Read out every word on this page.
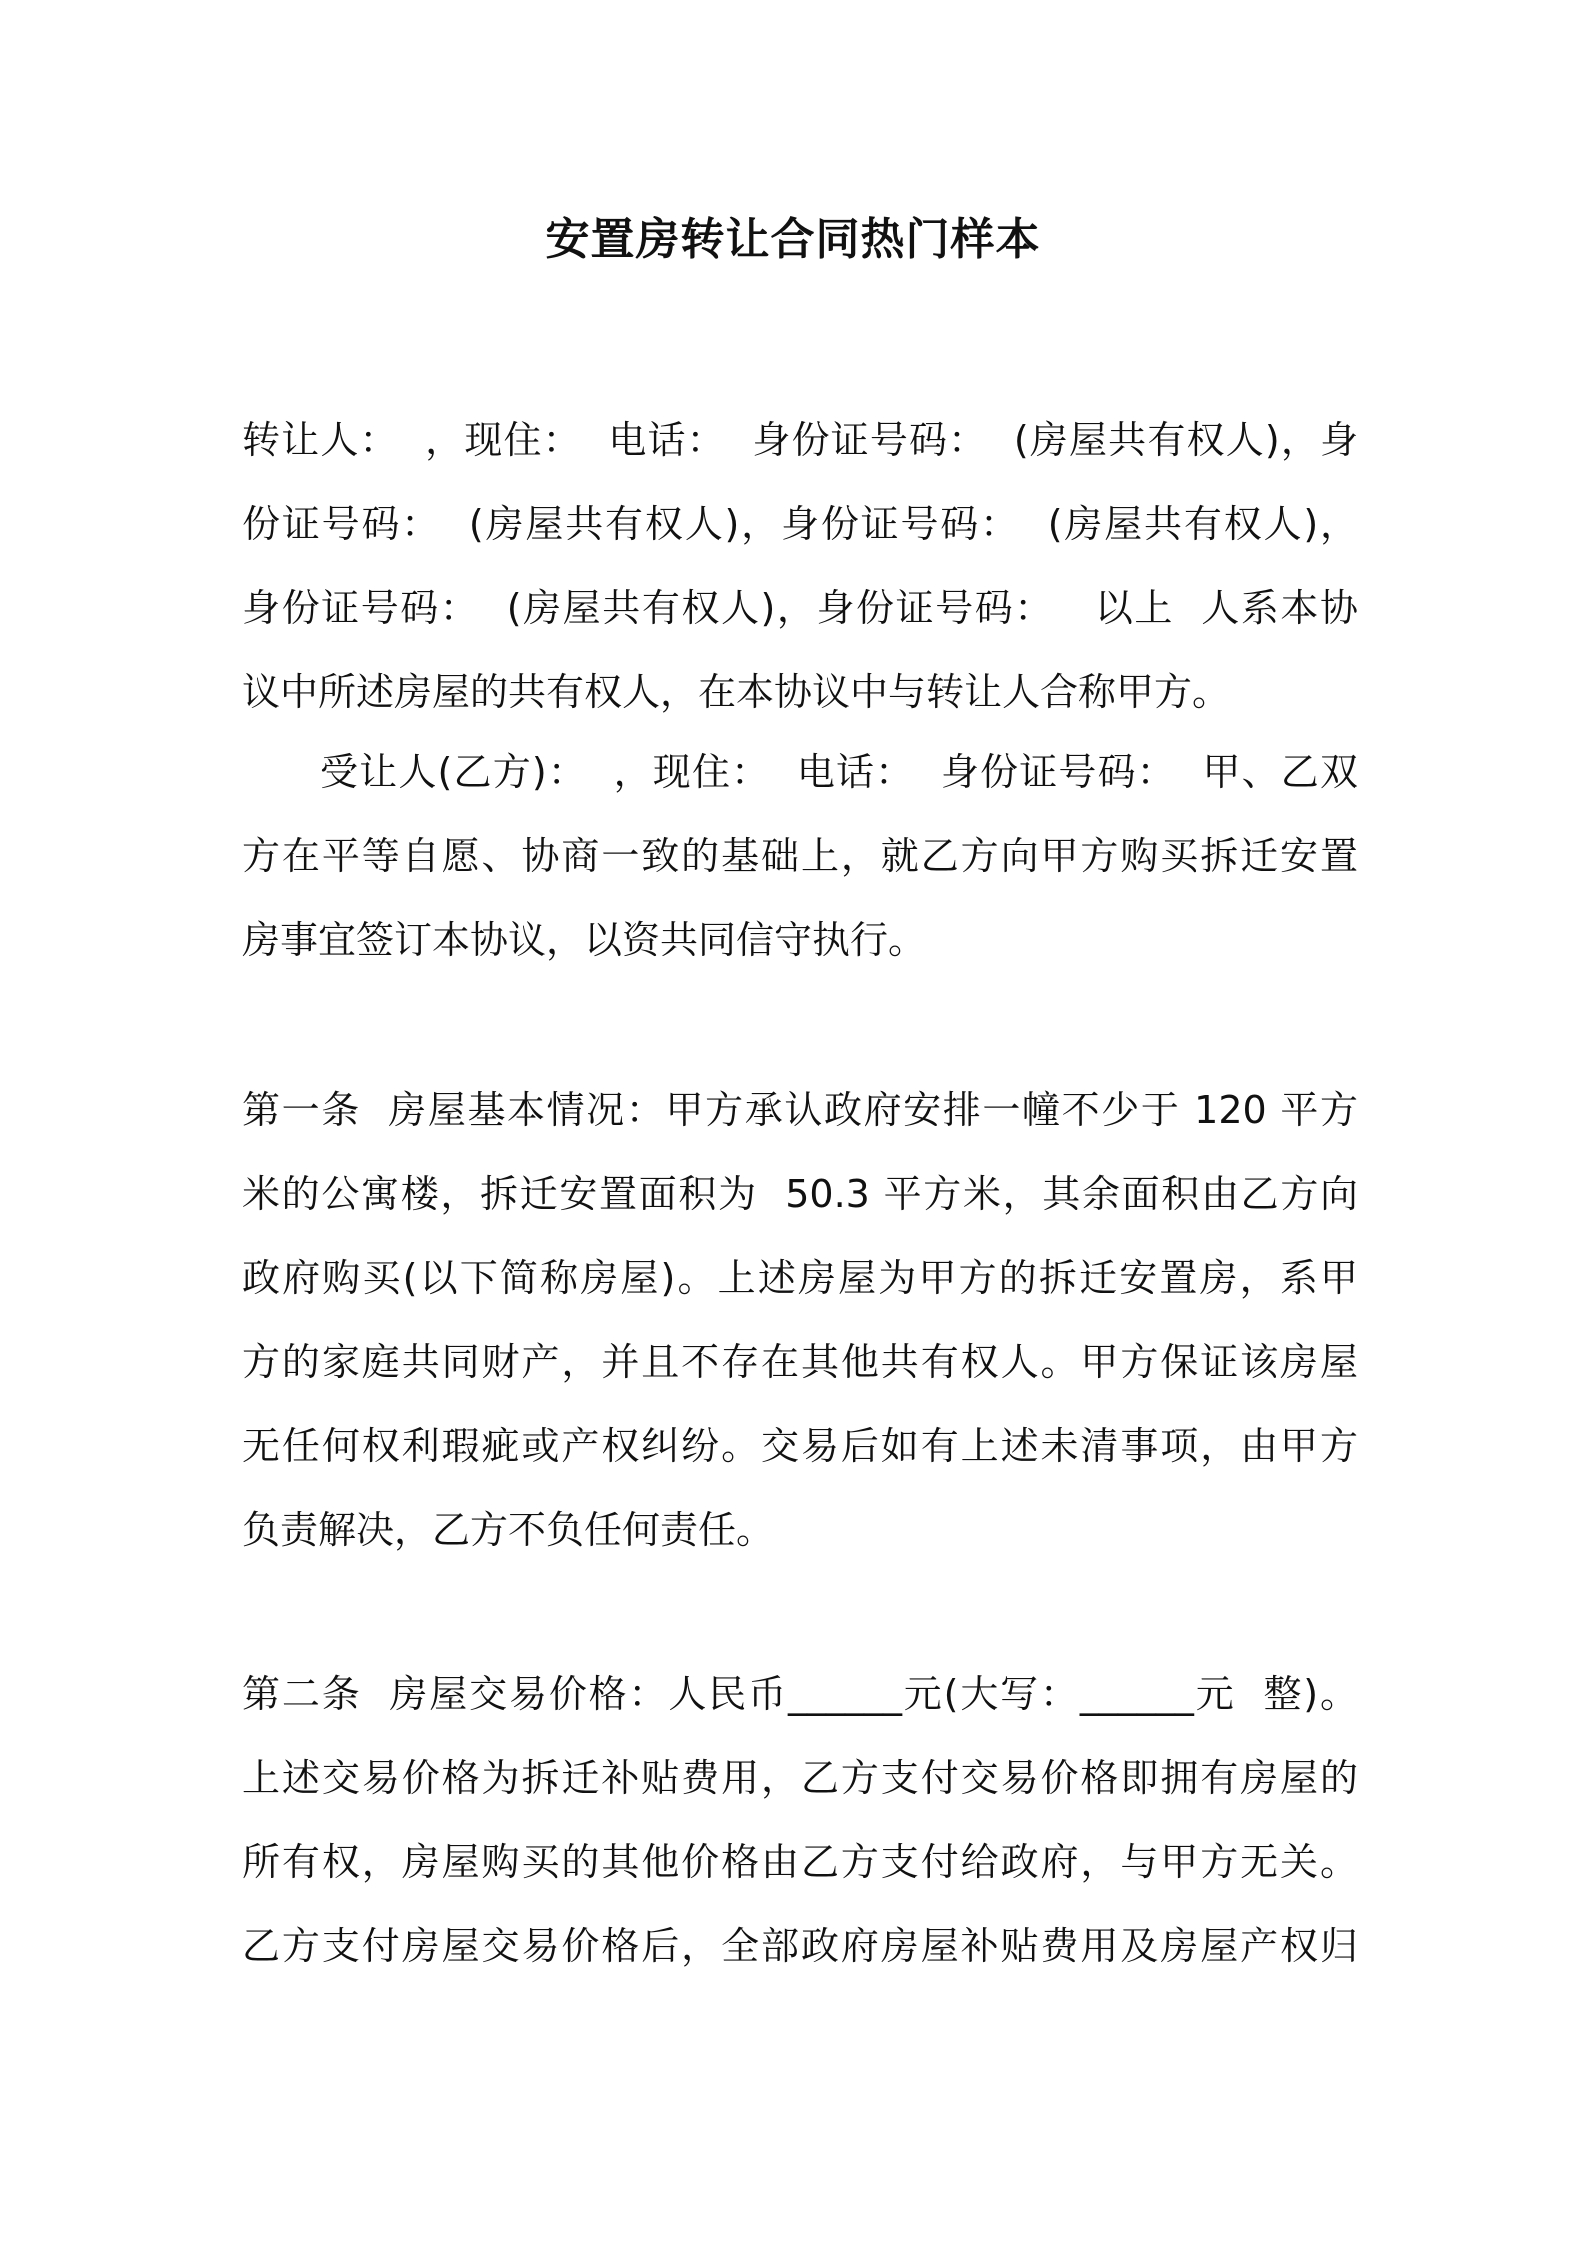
安置房转让合同热门样本
转让人：  ，现住：  电话：  身份证号码：  (房屋共有权人)，身
份证号码：  (房屋共有权人)，身份证号码：  (房屋共有权人)，
身份证号码：  (房屋共有权人)，身份证号码：   以上  人系本协
议中所述房屋的共有权人，在本协议中与转让人合称甲方。
受让人(乙方)：  ，现住：  电话：  身份证号码：  甲、乙双
方在平等自愿、协商一致的基础上，就乙方向甲方购买拆迁安置
房事宜签订本协议，以资共同信守执行。
第一条  房屋基本情况：甲方承认政府安排一幢不少于 120 平方
米的公寓楼，拆迁安置面积为  50.3 平方米，其余面积由乙方向
政府购买(以下简称房屋)。上述房屋为甲方的拆迁安置房，系甲
方的家庭共同财产，并且不存在其他共有权人。甲方保证该房屋
无任何权利瑕疵或产权纠纷。交易后如有上述未清事项，由甲方
负责解决，乙方不负任何责任。
第二条  房屋交易价格：人民币______元(大写：______元  整)。
上述交易价格为拆迁补贴费用，乙方支付交易价格即拥有房屋的
所有权，房屋购买的其他价格由乙方支付给政府，与甲方无关。
乙方支付房屋交易价格后，全部政府房屋补贴费用及房屋产权归
